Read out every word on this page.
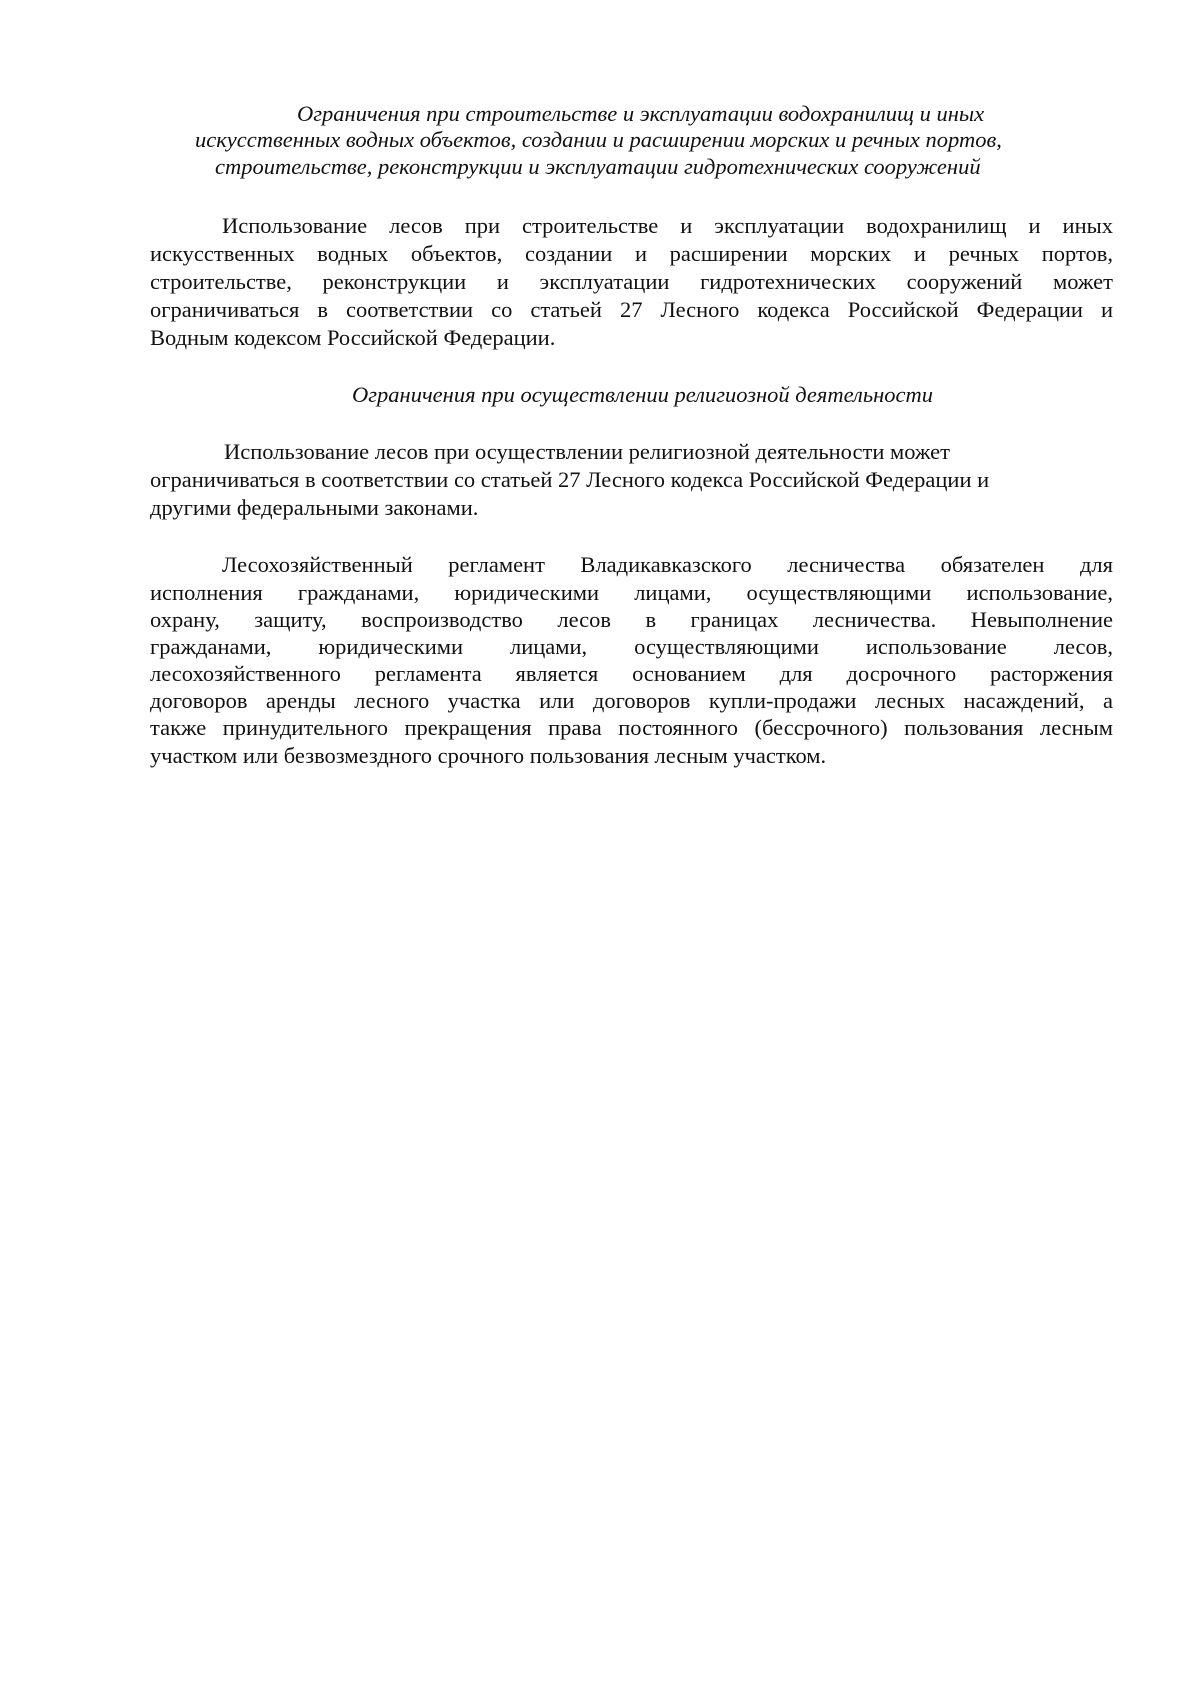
Ограничения при строительстве и эксплуатации водохранилищ и иных
искусственных водных объектов, создании и расширении морских и речных портов,
строительстве, реконструкции и эксплуатации гидротехнических сооружений
Использование лесов при строительстве и эксплуатации водохранилищ и иных
искусственных водных объектов, создании и расширении морских и речных портов,
строительстве, реконструкции и эксплуатации гидротехнических сооружений может
ограничиваться в соответствии со статьей 27 Лесного кодекса Российской Федерации и
Водным кодексом Российской Федерации.
Ограничения при осуществлении религиозной деятельности
Использование лесов при осуществлении религиозной деятельности может
ограничиваться в соответствии со статьей 27 Лесного кодекса Российской Федерации и
другими федеральными законами.
Лесохозяйственный регламент Владикавказского лесничества обязателен для
исполнения гражданами, юридическими лицами, осуществляющими использование,
охрану, защиту, воспроизводство лесов в границах лесничества. Невыполнение
гражданами, юридическими лицами, осуществляющими использование лесов,
лесохозяйственного регламента является основанием для досрочного расторжения
договоров аренды лесного участка или договоров купли-продажи лесных насаждений, а
также принудительного прекращения права постоянного (бессрочного) пользования лесным
участком или безвозмездного срочного пользования лесным участком.
